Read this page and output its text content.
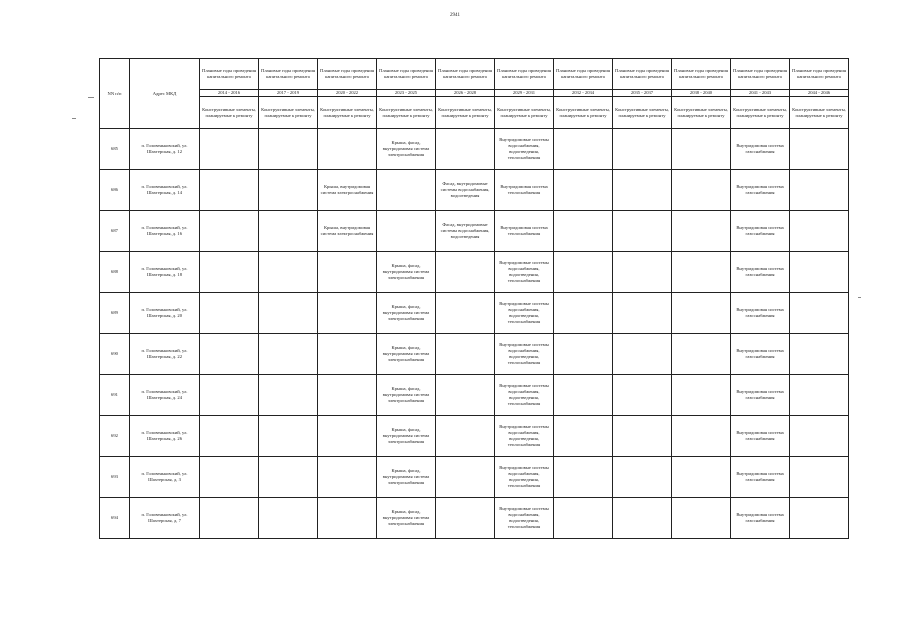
2941
NN п/п	Адрес МКД	Плановые годы проведения капитального ремонта	Плановые годы проведения капитального ремонта	Плановые годы проведения капитального ремонта	Плановые годы проведения капитального ремонта	Плановые годы проведения капитального ремонта	Плановые годы проведения капитального ремонта	Плановые годы проведения капитального ремонта	Плановые годы проведения капитального ремонта	Плановые годы проведения капитального ремонта	Плановые годы проведения капитального ремонта	Плановые годы проведения капитального ремонта

		2014 - 2016	2017 - 2019	2020 - 2022	2023 - 2025	2026 - 2028	2029 - 2031	2032 - 2034	2035 - 2037	2038 - 2040	2041 - 2043	2044 - 2046
		Конструктивные элементы, планируемые к ремонту	Конструктивные элементы, планируемые к ремонту	Конструктивные элементы, планируемые к ремонту	Конструктивные элементы, планируемые к ремонту	Конструктивные элементы, планируемые к ремонту	Конструктивные элементы, планируемые к ремонту	Конструктивные элементы, планируемые к ремонту	Конструктивные элементы, планируемые к ремонту	Конструктивные элементы, планируемые к ремонту	Конструктивные элементы, планируемые к ремонту	Конструктивные элементы, планируемые к ремонту
685	п. Головеньковский, ул. Шахтерская, д. 12				Крыша, фасад, внутридомовая система электроснабжения		Внутридомовые системы водоснабжения, водоотведения, теплоснабжения				Внутридомовая система газоснабжения	
686	п. Головеньковский, ул. Шахтерская, д. 14			Крыша, внутридомовая система электроснабжения		Фасад, внутридомовые системы водоснабжения, водоотведения	Внутридомовая система теплоснабжения				Внутридомовая система газоснабжения	
687	п. Головеньковский, ул. Шахтерская, д. 16			Крыша, внутридомовая система электроснабжения		Фасад, внутридомовые системы водоснабжения, водоотведения	Внутридомовая система теплоснабжения				Внутридомовая система газоснабжения	
688	п. Головеньковский, ул. Шахтерская, д. 18				Крыша, фасад, внутридомовая система электроснабжения		Внутридомовые системы водоснабжения, водоотведения, теплоснабжения				Внутридомовая система газоснабжения	
689	п. Головеньковский, ул. Шахтерская, д. 20				Крыша, фасад, внутридомовая система электроснабжения		Внутридомовые системы водоснабжения, водоотведения, теплоснабжения				Внутридомовая система газоснабжения	
690	п. Головеньковский, ул. Шахтерская, д. 22				Крыша, фасад, внутридомовая система электроснабжения		Внутридомовые системы водоснабжения, водоотведения, теплоснабжения				Внутридомовая система газоснабжения	
691	п. Головеньковский, ул. Шахтерская, д. 24				Крыша, фасад, внутридомовая система электроснабжения		Внутридомовые системы водоснабжения, водоотведения, теплоснабжения				Внутридомовая система газоснабжения	
692	п. Головеньковский, ул. Шахтерская, д. 26				Крыша, фасад, внутридомовая система электроснабжения		Внутридомовые системы водоснабжения, водоотведения, теплоснабжения				Внутридомовая система газоснабжения	
693	п. Головеньковский, ул. Шахтерская, д. 3				Крыша, фасад, внутридомовая система электроснабжения		Внутридомовые системы водоснабжения, водоотведения, теплоснабжения				Внутридомовая система газоснабжения	
694	п. Головеньковский, ул. Шахтерская, д. 7				Крыша, фасад, внутридомовая система электроснабжения		Внутридомовые системы водоснабжения, водоотведения, теплоснабжения				Внутридомовая система газоснабжения	
